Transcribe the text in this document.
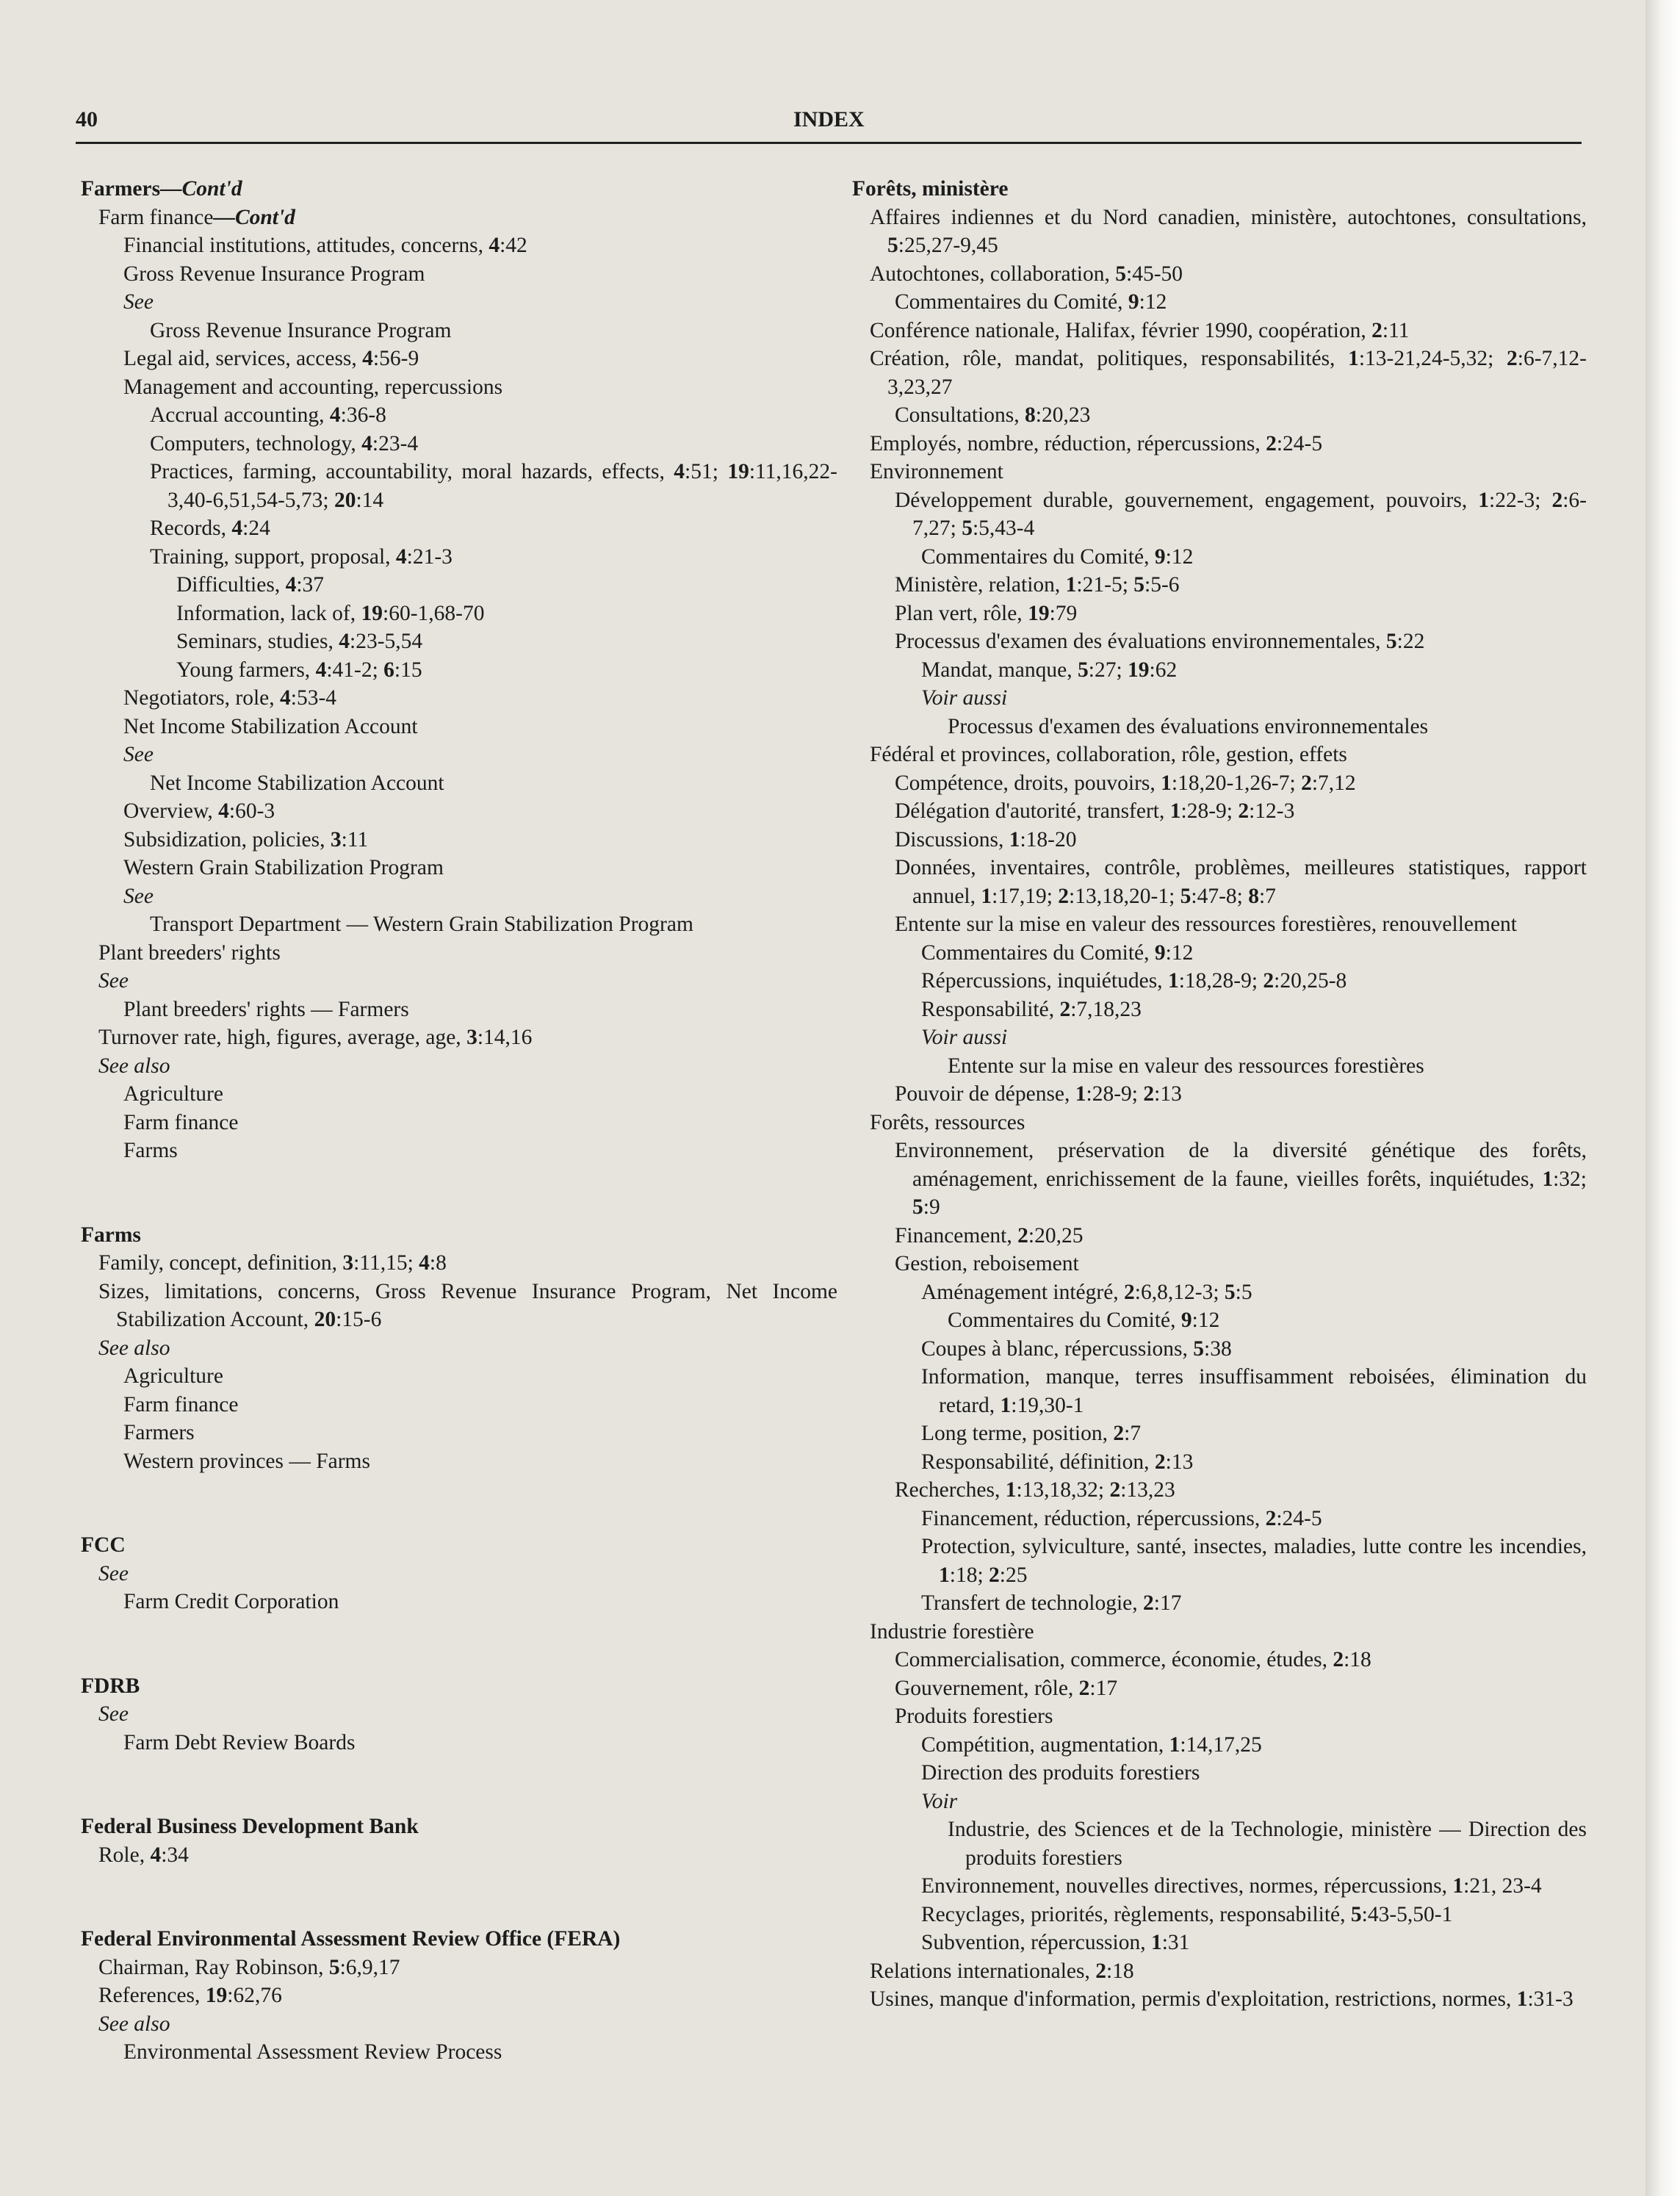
40	INDEX
Farmers—Cont'd
Farm finance—Cont'd
Financial institutions, attitudes, concerns, 4:42
Gross Revenue Insurance Program
See
Gross Revenue Insurance Program
Legal aid, services, access, 4:56-9
Management and accounting, repercussions
Accrual accounting, 4:36-8
Computers, technology, 4:23-4
Practices, farming, accountability, moral hazards, effects, 4:51; 19:11,16,22-3,40-6,51,54-5,73; 20:14
Records, 4:24
Training, support, proposal, 4:21-3
Difficulties, 4:37
Information, lack of, 19:60-1,68-70
Seminars, studies, 4:23-5,54
Young farmers, 4:41-2; 6:15
Negotiators, role, 4:53-4
Net Income Stabilization Account
See
Net Income Stabilization Account
Overview, 4:60-3
Subsidization, policies, 3:11
Western Grain Stabilization Program
See
Transport Department — Western Grain Stabilization Program
Plant breeders' rights
See
Plant breeders' rights — Farmers
Turnover rate, high, figures, average, age, 3:14,16
See also
Agriculture
Farm finance
Farms
Farms
Family, concept, definition, 3:11,15; 4:8
Sizes, limitations, concerns, Gross Revenue Insurance Program, Net Income Stabilization Account, 20:15-6
See also
Agriculture
Farm finance
Farmers
Western provinces — Farms
FCC
See
Farm Credit Corporation
FDRB
See
Farm Debt Review Boards
Federal Business Development Bank
Role, 4:34
Federal Environmental Assessment Review Office (FERA)
Chairman, Ray Robinson, 5:6,9,17
References, 19:62,76
See also
Environmental Assessment Review Process
Forêts, ministère
Affaires indiennes et du Nord canadien, ministère, autochtones, consultations, 5:25,27-9,45
Autochtones, collaboration, 5:45-50
Commentaires du Comité, 9:12
Conférence nationale, Halifax, février 1990, coopération, 2:11
Création, rôle, mandat, politiques, responsabilités, 1:13-21,24-5,32; 2:6-7,12-3,23,27
Consultations, 8:20,23
Employés, nombre, réduction, répercussions, 2:24-5
Environnement
Développement durable, gouvernement, engagement, pouvoirs, 1:22-3; 2:6-7,27; 5:5,43-4
Commentaires du Comité, 9:12
Ministère, relation, 1:21-5; 5:5-6
Plan vert, rôle, 19:79
Processus d'examen des évaluations environnementales, 5:22
Mandat, manque, 5:27; 19:62
Voir aussi
Processus d'examen des évaluations environnementales
Fédéral et provinces, collaboration, rôle, gestion, effets
Compétence, droits, pouvoirs, 1:18,20-1,26-7; 2:7,12
Délégation d'autorité, transfert, 1:28-9; 2:12-3
Discussions, 1:18-20
Données, inventaires, contrôle, problèmes, meilleures statistiques, rapport annuel, 1:17,19; 2:13,18,20-1; 5:47-8; 8:7
Entente sur la mise en valeur des ressources forestières, renouvellement
Commentaires du Comité, 9:12
Répercussions, inquiétudes, 1:18,28-9; 2:20,25-8
Responsabilité, 2:7,18,23
Voir aussi
Entente sur la mise en valeur des ressources forestières
Pouvoir de dépense, 1:28-9; 2:13
Forêts, ressources
Environnement, préservation de la diversité génétique des forêts, aménagement, enrichissement de la faune, vieilles forêts, inquiétudes, 1:32; 5:9
Financement, 2:20,25
Gestion, reboisement
Aménagement intégré, 2:6,8,12-3; 5:5
Commentaires du Comité, 9:12
Coupes à blanc, répercussions, 5:38
Information, manque, terres insuffisamment reboisées, élimination du retard, 1:19,30-1
Long terme, position, 2:7
Responsabilité, définition, 2:13
Recherches, 1:13,18,32; 2:13,23
Financement, réduction, répercussions, 2:24-5
Protection, sylviculture, santé, insectes, maladies, lutte contre les incendies, 1:18; 2:25
Transfert de technologie, 2:17
Industrie forestière
Commercialisation, commerce, économie, études, 2:18
Gouvernement, rôle, 2:17
Produits forestiers
Compétition, augmentation, 1:14,17,25
Direction des produits forestiers
Voir
Industrie, des Sciences et de la Technologie, ministère — Direction des produits forestiers
Environnement, nouvelles directives, normes, répercussions, 1:21, 23-4
Recyclages, priorités, règlements, responsabilité, 5:43-5,50-1
Subvention, répercussion, 1:31
Relations internationales, 2:18
Usines, manque d'information, permis d'exploitation, restrictions, normes, 1:31-3
